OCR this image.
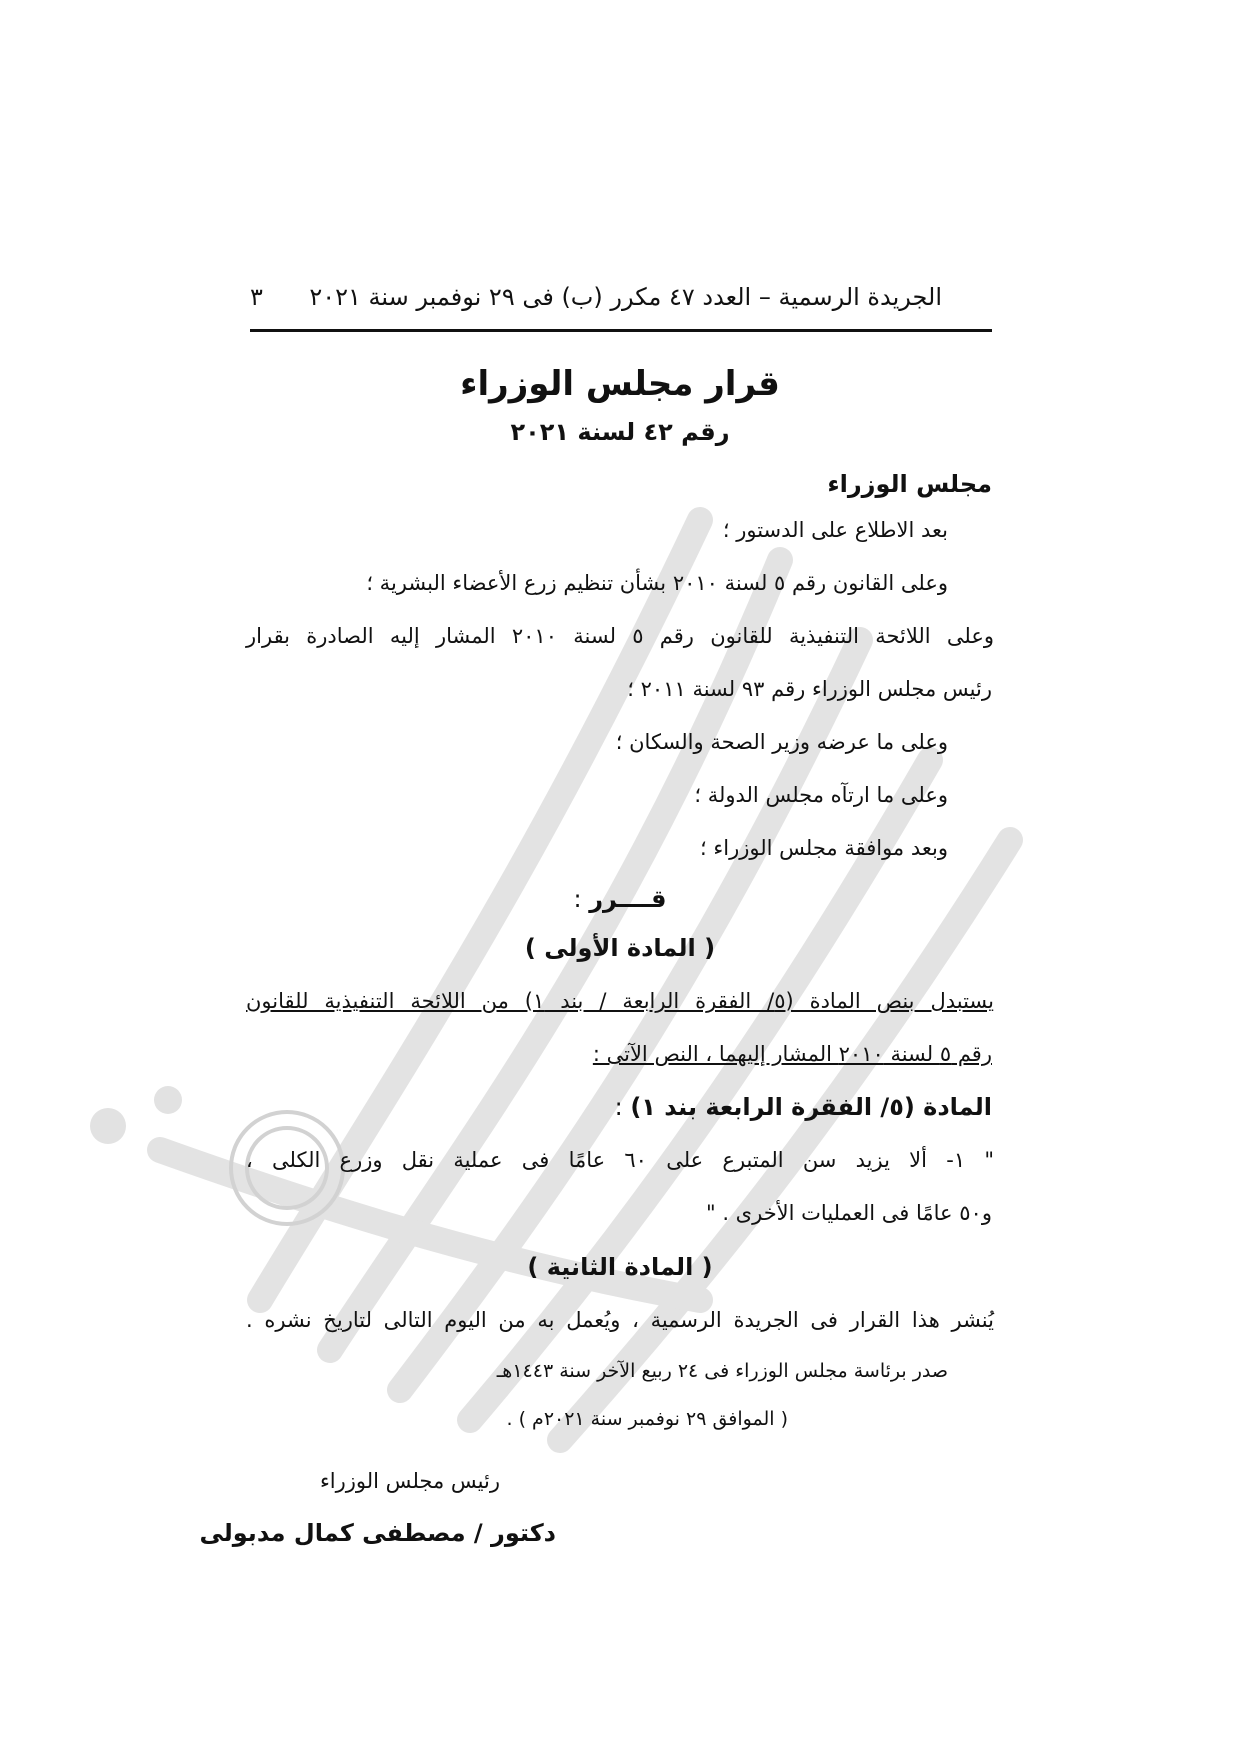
الجريدة الرسمية – العدد ٤٧ مكرر (ب) فى ٢٩ نوفمبر سنة ٢٠٢١
٣
قرار مجلس الوزراء
رقم ٤٢ لسنة ٢٠٢١
مجلس الوزراء
بعد الاطلاع على الدستور ؛
وعلى القانون رقم ٥ لسنة ٢٠١٠ بشأن تنظيم زرع الأعضاء البشرية ؛
وعلى اللائحة التنفيذية للقانون رقم ٥ لسنة ٢٠١٠ المشار إليه الصادرة بقرار
رئيس مجلس الوزراء رقم ٩٣ لسنة ٢٠١١ ؛
وعلى ما عرضه وزير الصحة والسكان ؛
وعلى ما ارتآه مجلس الدولة ؛
وبعد موافقة مجلس الوزراء ؛
قــــرر :
( المادة الأولى )
يستبدل بنص المادة (٥/ الفقرة الرابعة / بند ١) من اللائحة التنفيذية للقانون
رقم ٥ لسنة ٢٠١٠ المشار إليهما ، النص الآتى :
المادة (٥/ الفقرة الرابعة بند ١) :
" ١- ألا يزيد سن المتبرع على ٦٠ عامًا فى عملية نقل وزرع الكلى ،
و٥٠ عامًا فى العمليات الأخرى . "
( المادة الثانية )
يُنشر هذا القرار فى الجريدة الرسمية ، ويُعمل به من اليوم التالى لتاريخ نشره .
صدر برئاسة مجلس الوزراء فى ٢٤ ربيع الآخر سنة ١٤٤٣هـ
( الموافق ٢٩ نوفمبر سنة ٢٠٢١م ) .
رئيس مجلس الوزراء
دكتور / مصطفى كمال مدبولى
